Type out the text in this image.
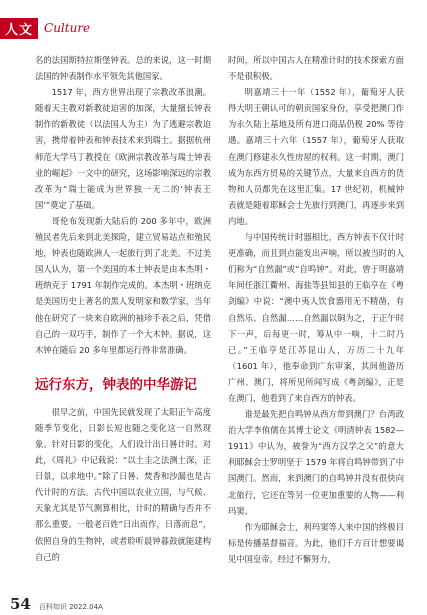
人文 Culture

名的法国斯特拉斯堡钟表。总的来说，这一时期法国的钟表制作水平领先其他国家。

1517 年，西方世界出现了宗教改革浪潮。随着天主教对新教徒迫害的加深，大量擅长钟表制作的新教徒（以法国人为主）为了逃避宗教迫害，携带着钟表和钟表技术来到瑞士。据据杭州师范大学马丁教授在《欧洲宗教改革与瑞士钟表业的崛起》一文中的研究，这场影响深远的宗教改革为“瑞士能成为世界独一无二的‘钟表王国’”奠定了基础。

哥伦布发现新大陆后的 200 多年中，欧洲殖民者先后来到北美探险，建立贸易站点和殖民地，钟表也随欧洲人一起旅行到了北美。不过美国人认为，第一个美国的本土钟表是由本杰明・班纳克于 1791 年制作完成的。本杰明・班纳克是美国历史上著名的黑人发明家和数学家，当年他在研究了一块来自欧洲的袖珍手表之后，凭借自己的一双巧手，制作了一个大木钟。据说，这木钟在随后 20 多年里都运行得非常准确。

远行东方，钟表的中华游记

很早之前，中国先民就发现了太阳正午高度随季节变化，日影长短也随之变化这一自然现象。针对日影的变化，人们设计出日晷计时。对此，《周礼》中记载说：“以土圭之法测土深，正日景，以求地中。”除了日晷、焚香和沙漏也是古代计时的方法。古代中国以农业立国，与气候、天象尤其是节气测算相比，计时的精确与否并不那么重要。一般老百姓“日出而作，日落而息”，依照自身的生物钟，或者聆听晨钟暮鼓就能建构自己的

时间，所以中国古人在精准计时的技术探索方面不是很积极。

明嘉靖三十一年（1552 年），葡萄牙人获得大明王朝认可的朝贡国家身份，享受把澳门作为永久陆上基地及所有进口商品仍税 20% 等待遇。嘉靖三十六年（1557 年），葡萄牙人获取在澳门修建永久性房屋的权利。这一时期，澳门成为东西方贸易的关键节点，大量来自西方的货物和人员都先在这里汇集。17 世纪初，机械钟表就是随着耶稣会士先旅行到澳门，再逐步来到内地。

与中国传统计时器相比，西方钟表不仅计时更准确，而且到点能发出声响，所以被当时的人们称为“自然漏”或“自鸣钟”。对此，曾于明嘉靖年间任浙江衢州、海盐等县知县的王临亨在《粤剑编》中说：“澳中夷人饮食器用无不精凿，有自然乐、自然漏……自然漏以铜为之，于正午时下一声，后每更一时，筹从中一响，十二时乃已。”王临亨是江苏昆山人，万历二十九年（1601 年），他奉命到广东审案，其间他游历广州、澳门，将所见所闻写成《粤剑编》，正是在澳门，他看到了来自西方的钟表。

谁是最先把自鸣钟从西方带到澳门？台湾政治大学李侑儒在其博士论文《明清钟表 1582—1911》中认为，被誉为“西方汉学之父”的意大利耶稣会士罗明坚于 1579 年将自鸣钟带到了中国澳门。然而，来到澳门的自鸣钟并没有很快向北旅行，它还在等另一位更加重要的人物——利玛窦。

作为耶稣会士，利玛窦等人来中国的终极目标是传播基督福音。为此，他们千方百计想要谒见中国皇帝。经过不懈努力，

54 百科知识 2022.04A
